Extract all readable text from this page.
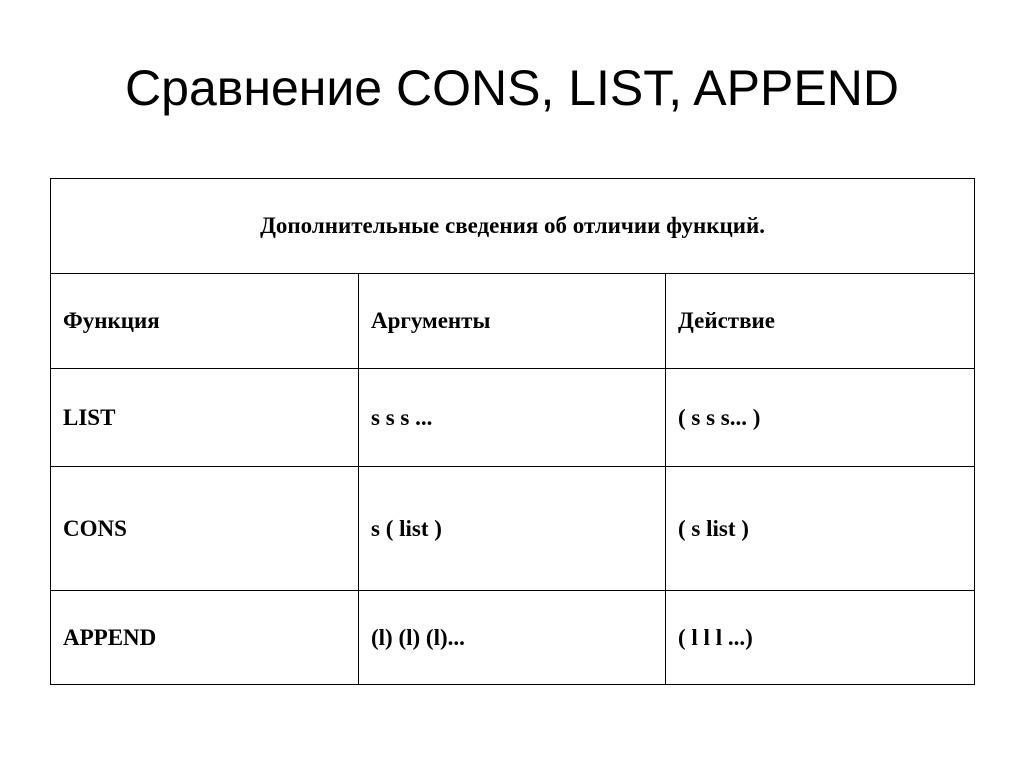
Сравнение CONS, LIST, APPEND
Дополнительные сведения об отличии функций.		
Функция	Аргументы	Действие
LIST	s s s ...	( s s s... )
CONS	s ( list )	( s list )
APPEND	(l) (l) (l)...	( l l l ...)
